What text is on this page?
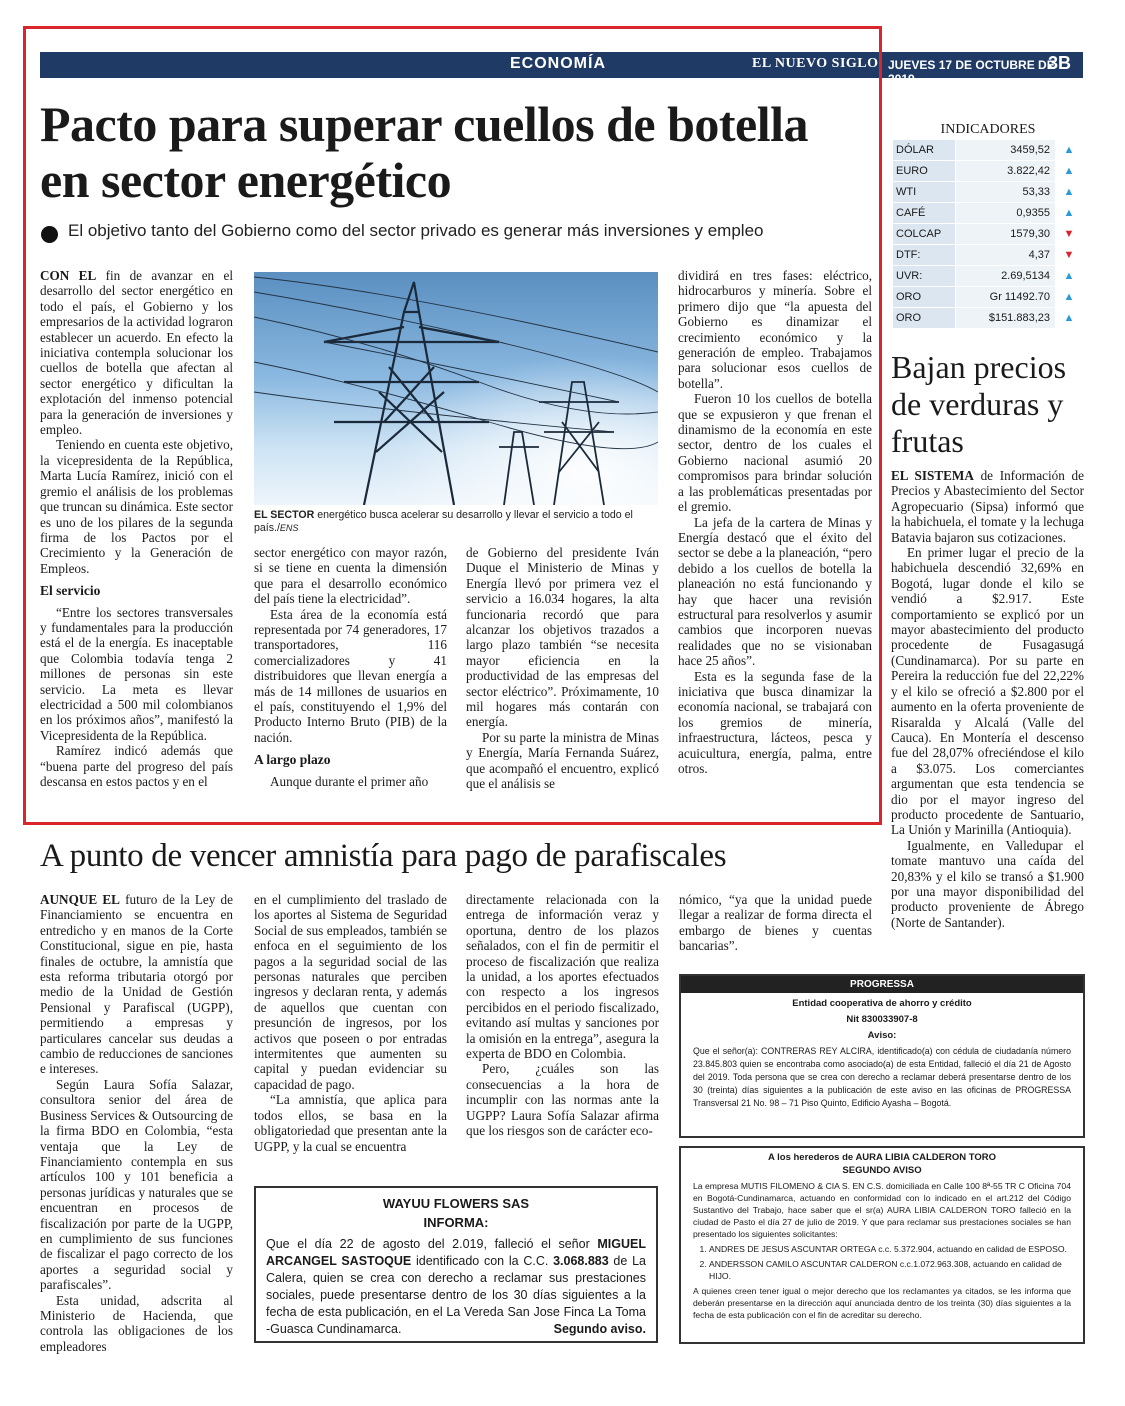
ECONOMÍA	EL NUEVO SIGLO JUEVES 17 DE OCTUBRE DE 2019
3B
Pacto para superar cuellos de botella en sector energético
El objetivo tanto del Gobierno como del sector privado es generar más inversiones y empleo

CON EL fin de avanzar en el desarrollo del sector energético en todo el país, el Gobierno y los empresarios de la actividad lograron establecer un acuerdo. En efecto la iniciativa contempla solucionar los cuellos de botella que afectan al sector energético y dificultan la explotación del inmenso potencial para la generación de inversiones y empleo.

Teniendo en cuenta este objetivo, la vicepresidenta de la República, Marta Lucía Ramírez, inició con el gremio el análisis de los problemas que truncan su dinámica. Este sector es uno de los pilares de la segunda firma de los Pactos por el Crecimiento y la Generación de Empleos.

El servicio

“Entre los sectores transversales y fundamentales para la producción está el de la energía. Es inaceptable que Colombia todavía tenga 2 millones de personas sin este servicio. La meta es llevar electricidad a 500 mil colombianos en los próximos años”, manifestó la Vicepresidenta de la República.

Ramírez indicó además que “buena parte del progreso del país descansa en estos pactos y en el

EL SECTOR energético busca acelerar su desarrollo y llevar el servicio a todo el país./ENS

sector energético con mayor razón, si se tiene en cuenta la dimensión que para el desarrollo económico del país tiene la electricidad”.

Esta área de la economía está representada por 74 generadores, 17 transportadores, 116 comercializadores y 41 distribuidores que llevan energía a más de 14 millones de usuarios en el país, constituyendo el 1,9% del Producto Interno Bruto (PIB) de la nación.

A largo plazo

Aunque durante el primer año

de Gobierno del presidente Iván Duque el Ministerio de Minas y Energía llevó por primera vez el servicio a 16.034 hogares, la alta funcionaria recordó que para alcanzar los objetivos trazados a largo plazo también “se necesita mayor eficiencia en la productividad de las empresas del sector eléctrico”. Próximamente, 10 mil hogares más contarán con energía.

Por su parte la ministra de Minas y Energía, María Fernanda Suárez, que acompañó el encuentro, explicó que el análisis se

dividirá en tres fases: eléctrico, hidrocarburos y minería. Sobre el primero dijo que “la apuesta del Gobierno es dinamizar el crecimiento económico y la generación de empleo. Trabajamos para solucionar esos cuellos de botella”.

Fueron 10 los cuellos de botella que se expusieron y que frenan el dinamismo de la economía en este sector, dentro de los cuales el Gobierno nacional asumió 20 compromisos para brindar solución a las problemáticas presentadas por el gremio.

La jefa de la cartera de Minas y Energía destacó que el éxito del sector se debe a la planeación, “pero debido a los cuellos de botella la planeación no está funcionando y hay que hacer una revisión estructural para resolverlos y asumir cambios que incorporen nuevas realidades que no se visionaban hace 25 años”.

Esta es la segunda fase de la iniciativa que busca dinamizar la economía nacional, se trabajará con los gremios de minería, infraestructura, lácteos, pesca y acuicultura, energía, palma, entre otros.

INDICADORES
DÓLAR	3459,52	▲
EURO	3.822,42	▲
WTI	53,33	▲
CAFÉ	0,9355	▲
COLCAP	1579,30	▼
DTF:	4,37	▼
UVR:	2.69,5134	▲
ORO	Gr 11492.70	▲
ORO	$151.883,23	▲
Bajan precios de verduras y frutas

EL SISTEMA de Información de Precios y Abastecimiento del Sector Agropecuario (Sipsa) informó que la habichuela, el tomate y la lechuga Batavia bajaron sus cotizaciones.

En primer lugar el precio de la habichuela descendió 32,69% en Bogotá, lugar donde el kilo se vendió a $2.917. Este comportamiento se explicó por un mayor abastecimiento del producto procedente de Fusagasugá (Cundinamarca). Por su parte en Pereira la reducción fue del 22,22% y el kilo se ofreció a $2.800 por el aumento en la oferta proveniente de Risaralda y Alcalá (Valle del Cauca). En Montería el descenso fue del 28,07% ofreciéndose el kilo a $3.075. Los comerciantes argumentan que esta tendencia se dio por el mayor ingreso del producto procedente de Santuario, La Unión y Marinilla (Antioquia).

Igualmente, en Valledupar el tomate mantuvo una caída del 20,83% y el kilo se transó a $1.900 por una mayor disponibilidad del producto proveniente de Ábrego (Norte de Santander).

A punto de vencer amnistía para pago de parafiscales

AUNQUE EL futuro de la Ley de Financiamiento se encuentra en entredicho y en manos de la Corte Constitucional, sigue en pie, hasta finales de octubre, la amnistía que esta reforma tributaria otorgó por medio de la Unidad de Gestión Pensional y Parafiscal (UGPP), permitiendo a empresas y particulares cancelar sus deudas a cambio de reducciones de sanciones e intereses.

Según Laura Sofía Salazar, consultora senior del área de Business Services & Outsourcing de la firma BDO en Colombia, “esta ventaja que la Ley de Financiamiento contempla en sus artículos 100 y 101 beneficia a personas jurídicas y naturales que se encuentran en procesos de fiscalización por parte de la UGPP, en cumplimiento de sus funciones de fiscalizar el pago correcto de los aportes a seguridad social y parafiscales”.

Esta unidad, adscrita al Ministerio de Hacienda, que controla las obligaciones de los empleadores

en el cumplimiento del traslado de los aportes al Sistema de Seguridad Social de sus empleados, también se enfoca en el seguimiento de los pagos a la seguridad social de las personas naturales que perciben ingresos y declaran renta, y además de aquellos que cuentan con presunción de ingresos, por los activos que poseen o por entradas intermitentes que aumenten su capital y puedan evidenciar su capacidad de pago.

“La amnistía, que aplica para todos ellos, se basa en la obligatoriedad que presentan ante la UGPP, y la cual se encuentra

directamente relacionada con la entrega de información veraz y oportuna, dentro de los plazos señalados, con el fin de permitir el proceso de fiscalización que realiza la unidad, a los aportes efectuados con respecto a los ingresos percibidos en el periodo fiscalizado, evitando así multas y sanciones por la omisión en la entrega”, asegura la experta de BDO en Colombia.

Pero, ¿cuáles son las consecuencias a la hora de incumplir con las normas ante la UGPP? Laura Sofía Salazar afirma que los riesgos son de carácter eco-

nómico, “ya que la unidad puede llegar a realizar de forma directa el embargo de bienes y cuentas bancarias”.

WAYUU FLOWERS SAS
INFORMA:
Que el día 22 de agosto del 2.019, falleció el señor MIGUEL ARCANGEL SASTOQUE identificado con la C.C. 3.068.883 de La Calera, quien se crea con derecho a reclamar sus prestaciones sociales, puede presentarse dentro de los 30 días siguientes a la fecha de esta publicación, en el La Vereda San Jose Finca La Toma -Guasca Cundinamarca.	Segundo aviso.
PROGRESSA
Entidad cooperativa de ahorro y crédito
Nit 830033907-8
Aviso:
Que el señor(a): CONTRERAS REY ALCIRA, identificado(a) con cédula de ciudadanía número 23.845.803 quien se encontraba como asociado(a) de esta Entidad, falleció el día 21 de Agosto del 2019. Toda persona que se crea con derecho a reclamar deberá presentarse dentro de los 30 (treinta) días siguientes a la publicación de este aviso en las oficinas de PROGRESSA Transversal 21 No. 98 – 71 Piso Quinto, Edificio Ayasha – Bogotá.
A los herederos de AURA LIBIA CALDERON TORO
SEGUNDO AVISO
La empresa MUTIS FILOMENO & CIA S. EN C.S. domiciliada en Calle 100 8ª-55 TR C Oficina 704 en Bogotá-Cundinamarca, actuando en conformidad con lo indicado en el art.212 del Código Sustantivo del Trabajo, hace saber que el sr(a) AURA LIBIA CALDERON TORO falleció en la ciudad de Pasto el día 27 de julio de 2019. Y que para reclamar sus prestaciones sociales se han presentado los siguientes solicitantes:
1. ANDRES DE JESUS ASCUNTAR ORTEGA c.c. 5.372.904, actuando en calidad de ESPOSO.
2. ANDERSSON CAMILO ASCUNTAR CALDERON c.c.1.072.963.308, actuando en calidad de HIJO.
A quienes creen tener igual o mejor derecho que los reclamantes ya citados, se les informa que deberán presentarse en la dirección aquí anunciada dentro de los treinta (30) días siguientes a la fecha de esta publicación con el fin de acreditar su derecho.
